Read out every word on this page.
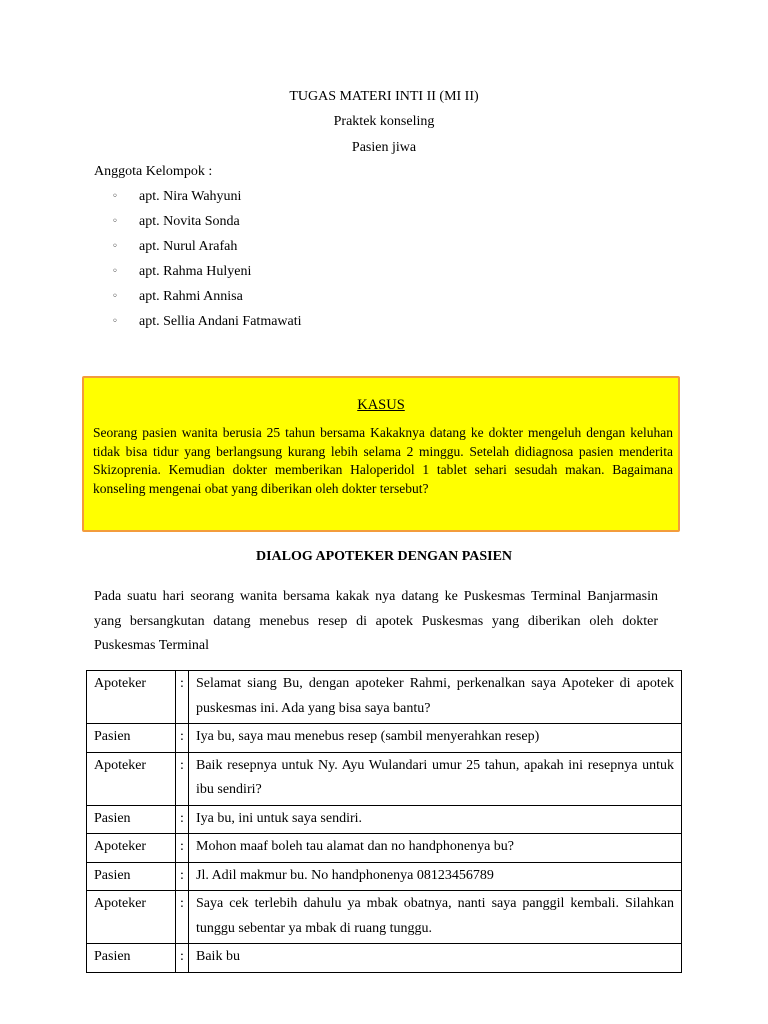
TUGAS MATERI INTI II (MI II)
Praktek konseling
Pasien jiwa
Anggota Kelompok :
◦ apt. Nira Wahyuni
◦ apt. Novita Sonda
◦ apt. Nurul Arafah
◦ apt. Rahma Hulyeni
◦ apt. Rahmi Annisa
◦ apt. Sellia Andani Fatmawati
KASUS
Seorang pasien wanita berusia 25 tahun bersama Kakaknya datang ke dokter mengeluh dengan keluhan tidak bisa tidur yang berlangsung kurang lebih selama 2 minggu. Setelah didiagnosa pasien menderita Skizoprenia. Kemudian dokter memberikan Haloperidol 1 tablet sehari sesudah makan. Bagaimana konseling mengenai obat yang diberikan oleh dokter tersebut?
DIALOG APOTEKER DENGAN PASIEN
Pada suatu hari seorang wanita bersama kakak nya datang ke Puskesmas Terminal Banjarmasin yang bersangkutan datang menebus resep di apotek Puskesmas yang diberikan oleh dokter Puskesmas Terminal
Apoteker	:	Selamat siang Bu, dengan apoteker Rahmi, perkenalkan saya Apoteker di apotek puskesmas ini. Ada yang bisa saya bantu?
Pasien	:	Iya bu, saya mau menebus resep (sambil menyerahkan resep)
Apoteker	:	Baik resepnya untuk Ny. Ayu Wulandari umur 25 tahun, apakah ini resepnya untuk ibu sendiri?
Pasien	:	Iya bu, ini untuk saya sendiri.
Apoteker	:	Mohon maaf boleh tau alamat dan no handphonenya bu?
Pasien	:	Jl. Adil makmur bu. No handphonenya 08123456789
Apoteker	:	Saya cek terlebih dahulu ya mbak obatnya, nanti saya panggil kembali. Silahkan tunggu sebentar ya mbak di ruang tunggu.
Pasien	:	Baik bu
